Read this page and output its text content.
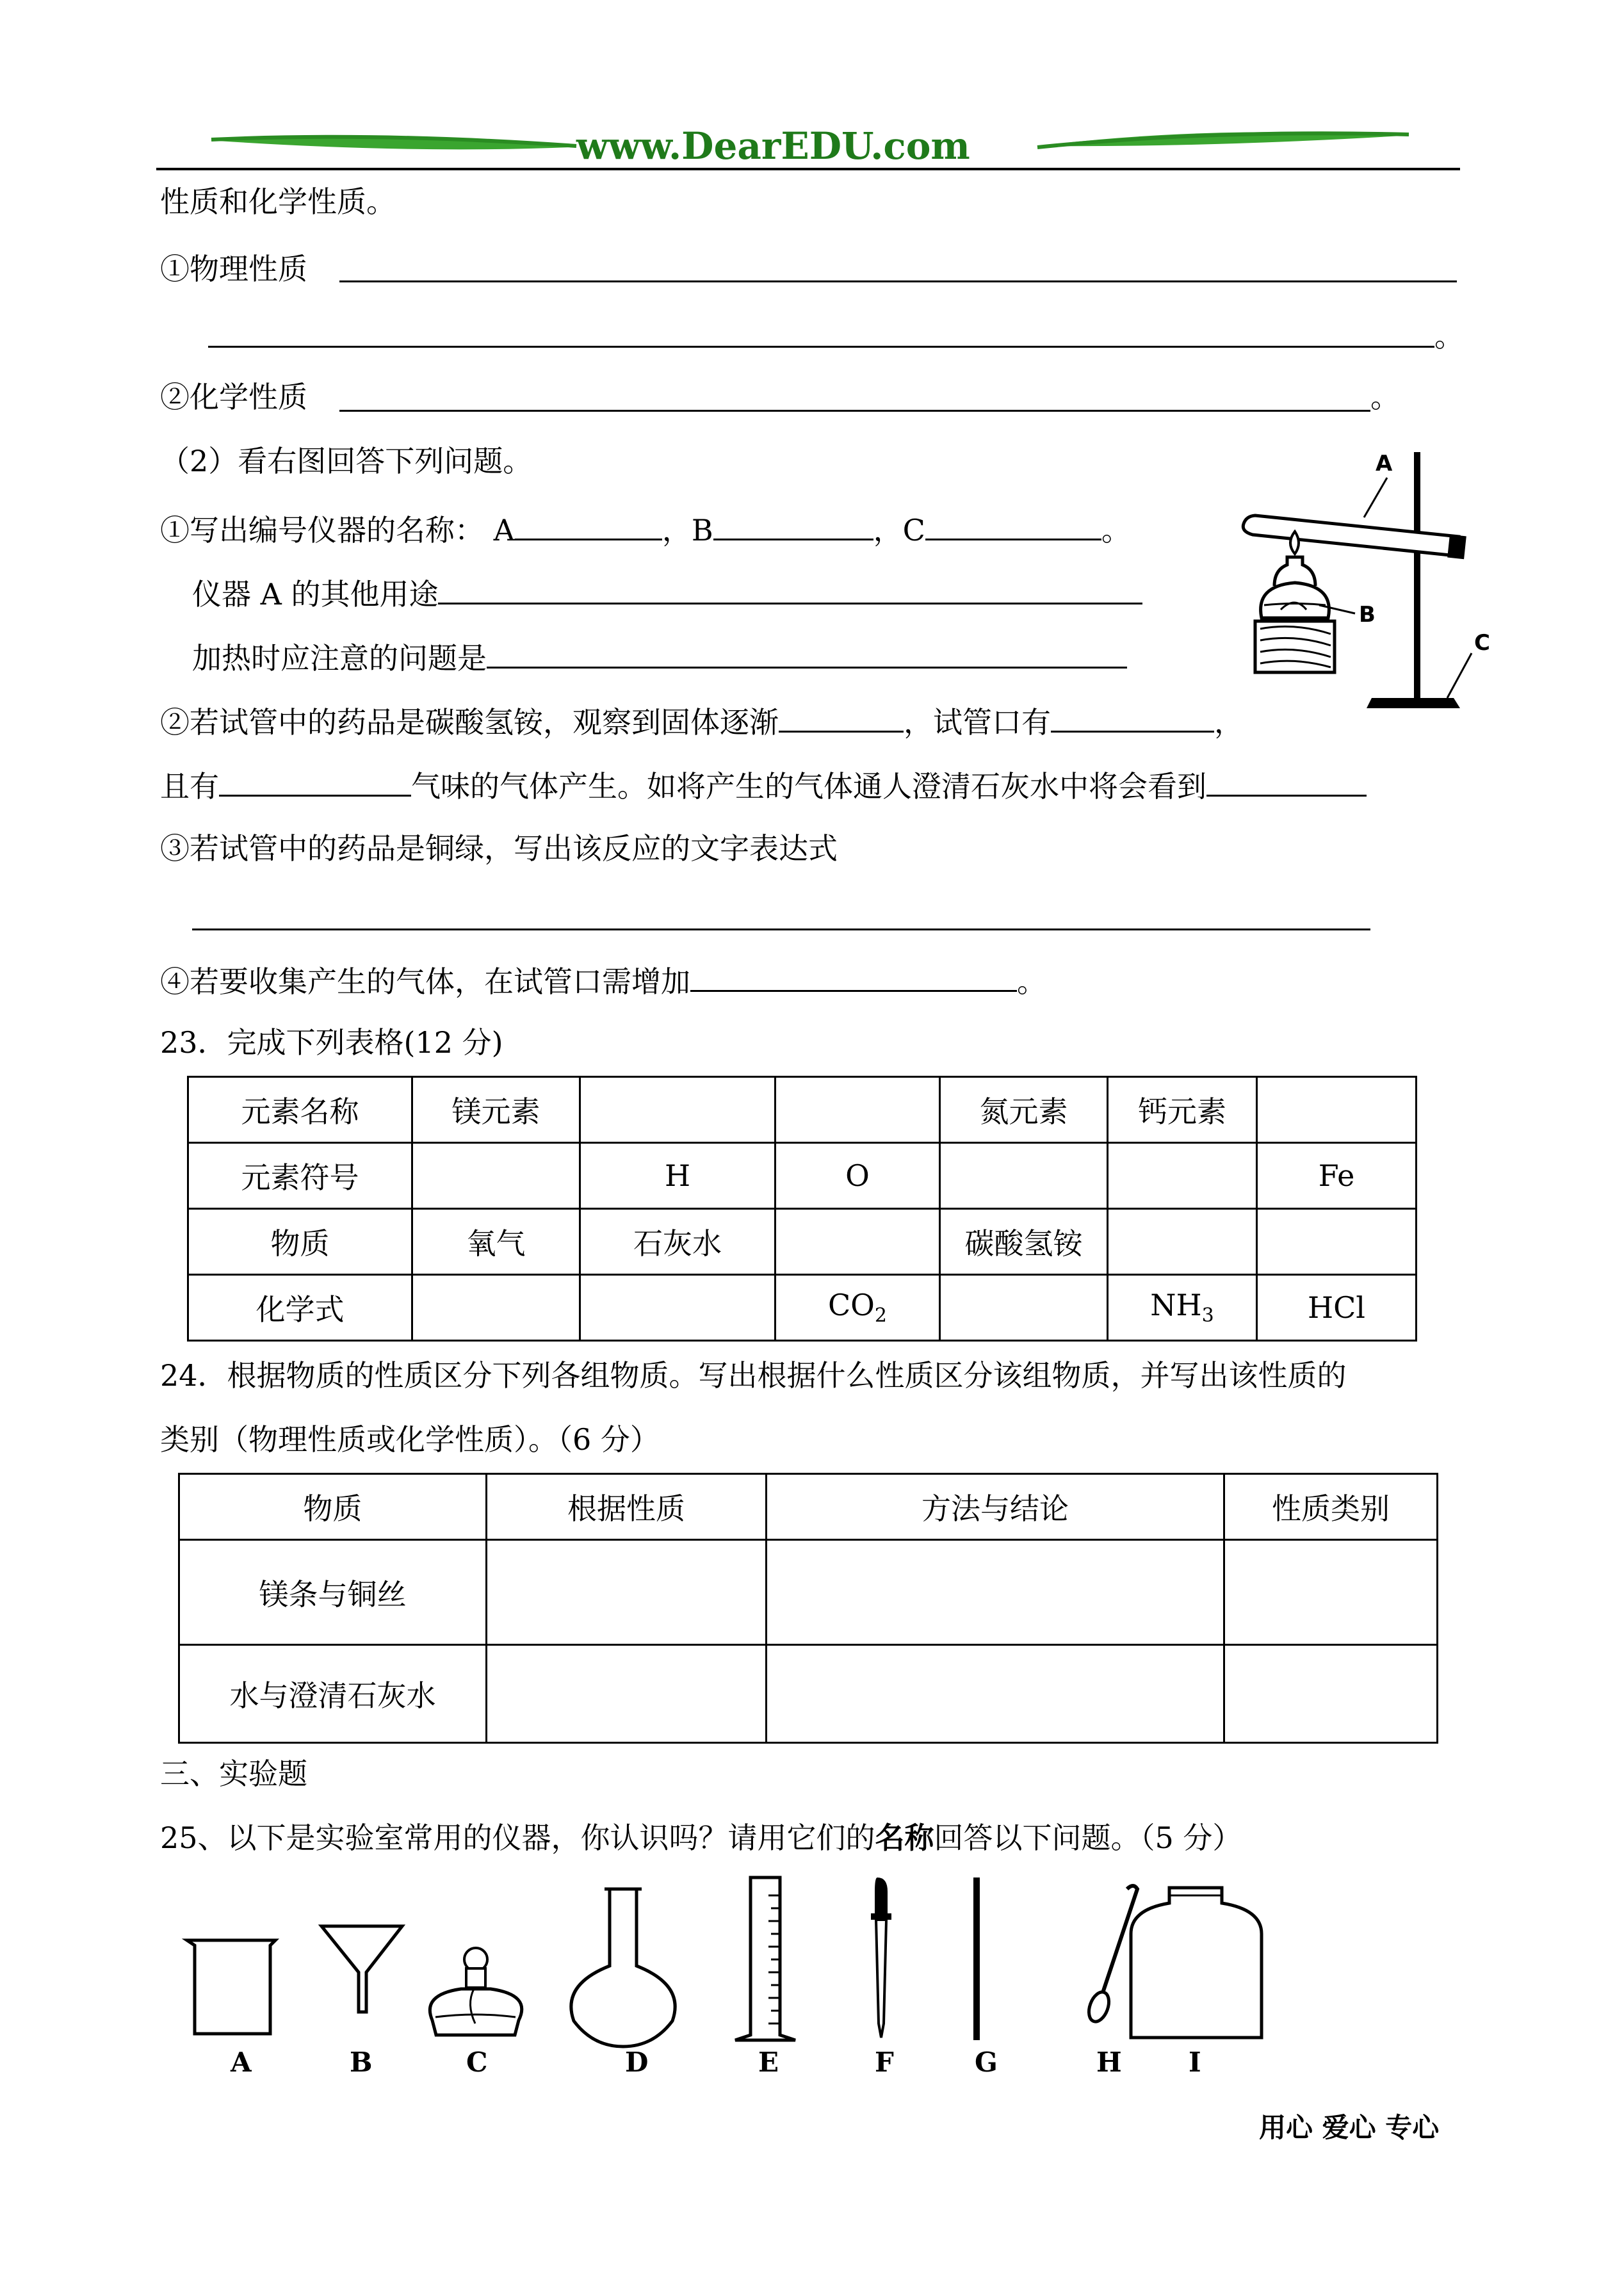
www.DearEDU.com
性质和化学性质。
①物理性质
。
②化学性质	。
（2）看右图回答下列问题。
①写出编号仪器的名称： A	，B	，C	。
仪器 A 的其他用途
加热时应注意的问题是
②若试管中的药品是碳酸氢铵，观察到固体逐渐	，试管口有	，
且有	气味的气体产生。如将产生的气体通人澄清石灰水中将会看到
③若试管中的药品是铜绿，写出该反应的文字表达式
④若要收集产生的气体，在试管口需增加	。
A
B
C
23．完成下列表格(12 分)
元素名称	镁元素			氮元素	钙元素	
元素符号		H	O			Fe
物质	氧气	石灰水		碳酸氢铵		
化学式			$CO_2$		$NH_3$	HCl
24．根据物质的性质区分下列各组物质。写出根据什么性质区分该组物质，并写出该性质的
类别（物理性质或化学性质）。（6 分）
物质	根据性质	方法与结论	性质类别
镁条与铜丝			
水与澄清石灰水			
三、实验题
25、以下是实验室常用的仪器，你认识吗？请用它们的名称回答以下问题。（5 分）
A	B	C	D	E	F	G	H I
用心 爱心 专心
